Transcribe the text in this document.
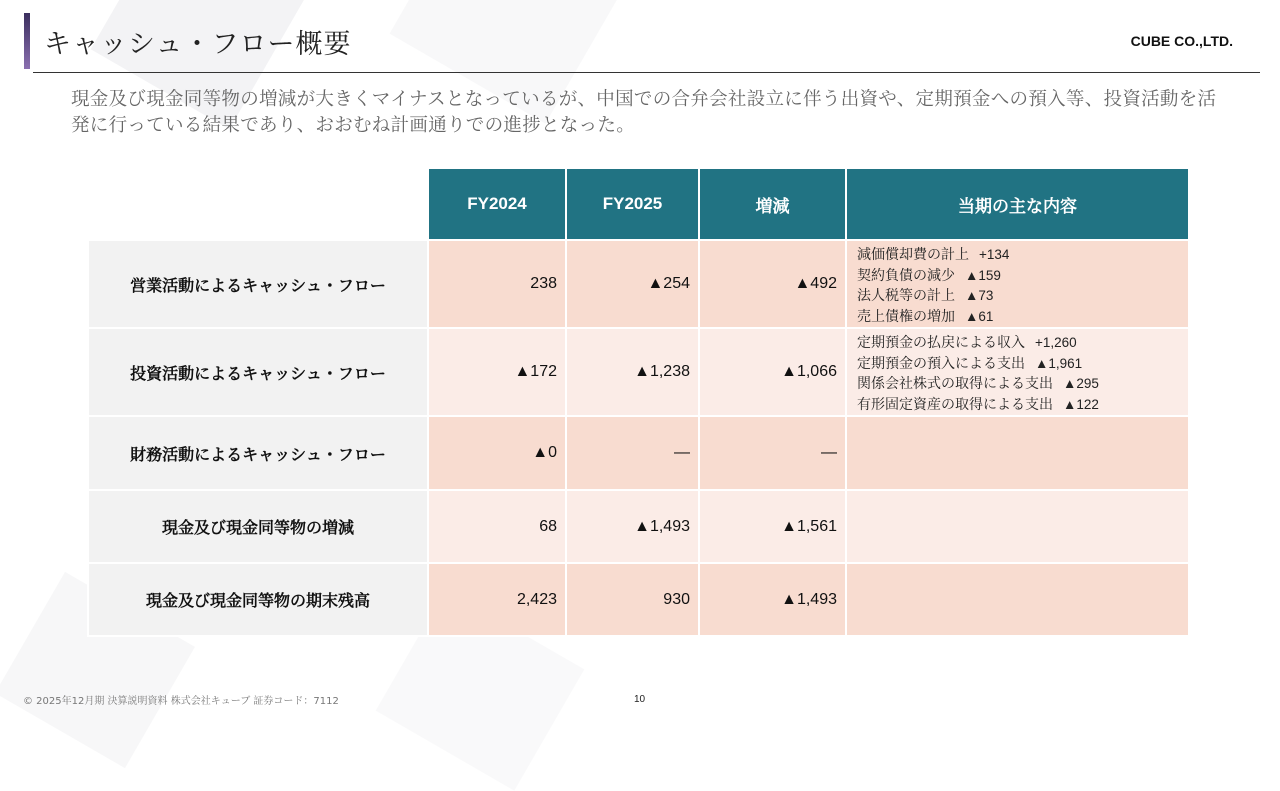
キャッシュ・フロー概要	CUBE CO.,LTD.
現金及び現金同等物の増減が大きくマイナスとなっているが、中国での合弁会社設立に伴う出資や、定期預金への預入等、投資活動を活発に行っている結果であり、おおむね計画通りでの進捗となった。
	FY2024	FY2025	増減	当期の主な内容
営業活動によるキャッシュ・フロー	238	▲254	▲492	減価償却費の計上 +134
契約負債の減少 ▲159
法人税等の計上 ▲73
売上債権の増加 ▲61

投資活動によるキャッシュ・フロー	▲172	▲1,238	▲1,066	定期預金の払戻による収入 +1,260
定期預金の預入による支出 ▲1,961
関係会社株式の取得による支出 ▲295
有形固定資産の取得による支出 ▲122

財務活動によるキャッシュ・フロー	▲0	―	―	
現金及び現金同等物の増減	68	▲1,493	▲1,561	
現金及び現金同等物の期末残高	2,423	930	▲1,493	
© 2025年12月期 決算説明資料 株式会社キューブ 証券コード：7112	10
